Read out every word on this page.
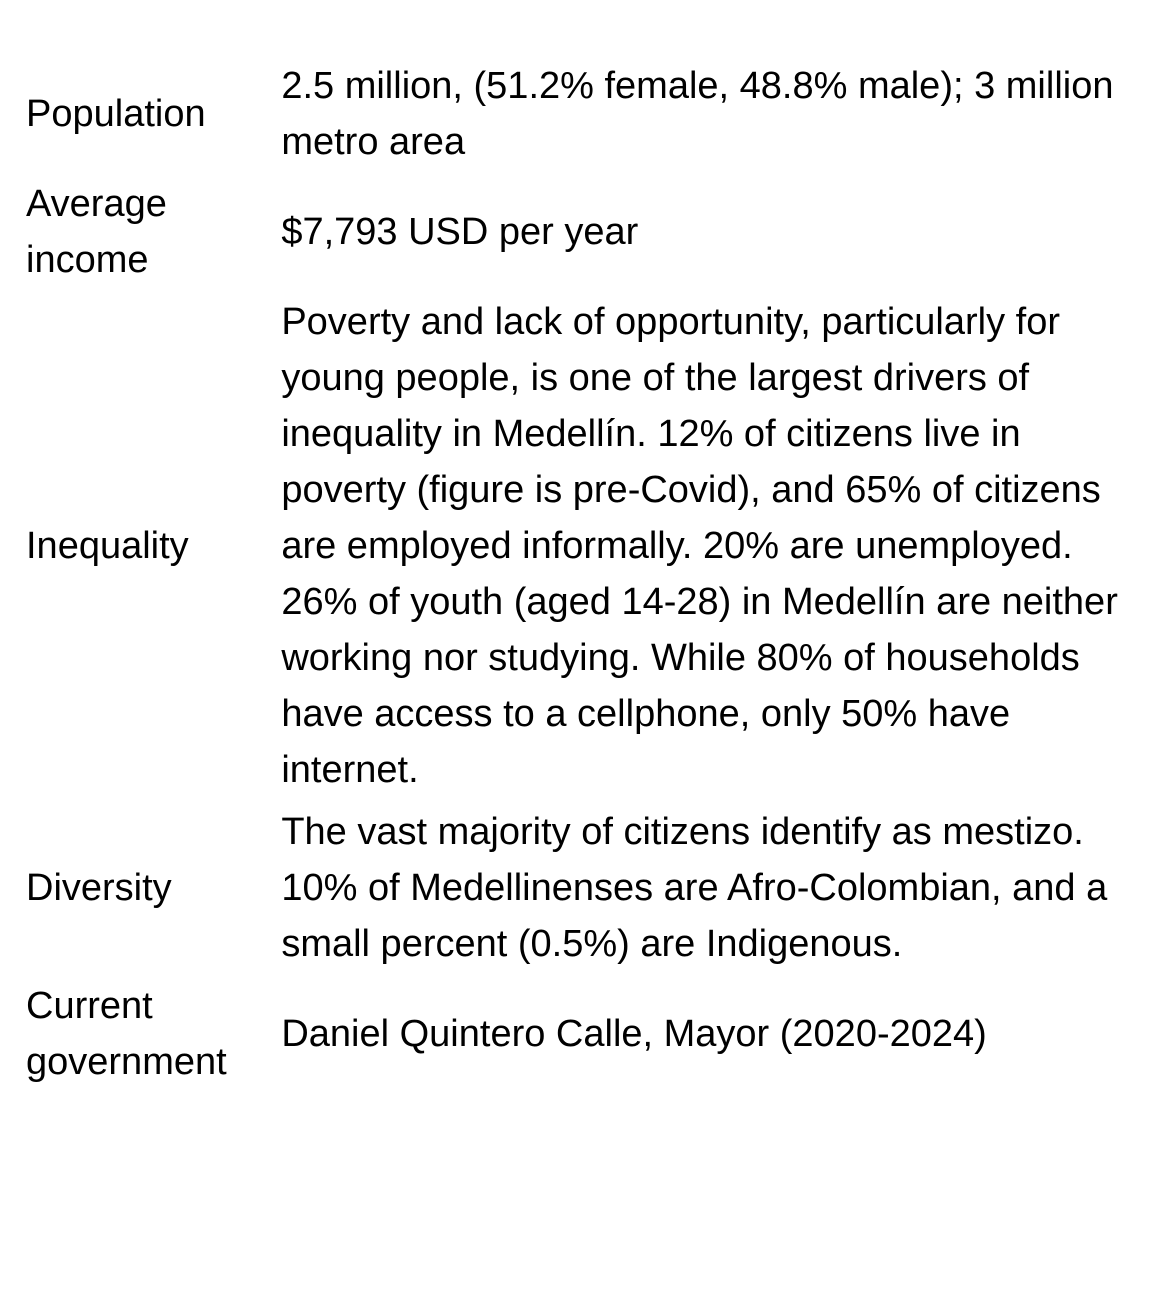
Population	2.5 million, (51.2% female, 48.8% male); 3 million metro area
Average income	$7,793 USD per year
Inequality	Poverty and lack of opportunity, particularly for young people, is one of the largest drivers of inequality in Medellín. 12% of citizens live in poverty (figure is pre-Covid), and 65% of citizens are employed informally. 20% are unemployed. 26% of youth (aged 14-28) in Medellín are neither working nor studying. While 80% of households have access to a cellphone, only 50% have internet.
Diversity	The vast majority of citizens identify as mestizo. 10% of Medellinenses are Afro-Colombian, and a small percent (0.5%) are Indigenous.
Current government	Daniel Quintero Calle, Mayor (2020-2024)
